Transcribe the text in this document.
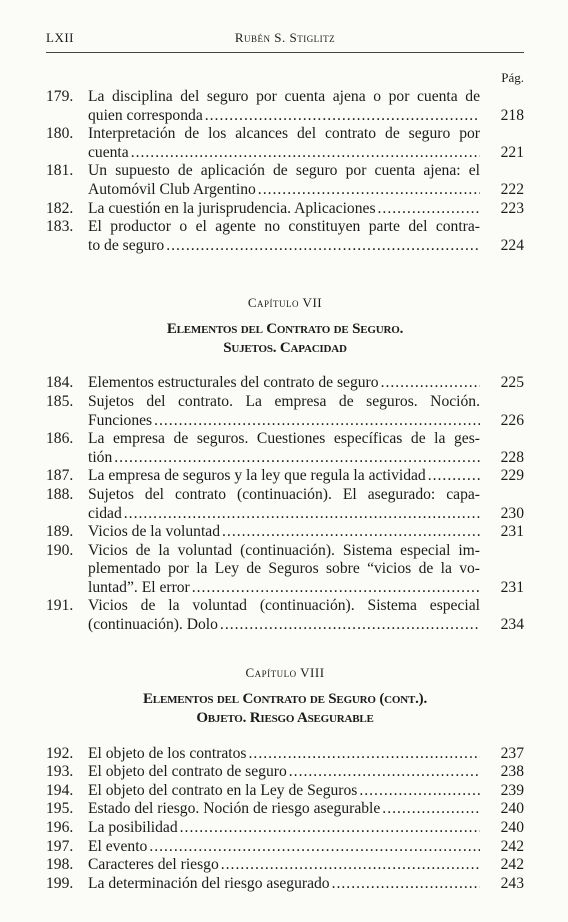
LXII	Rubén S. Stiglitz
Pág.
179. La disciplina del seguro por cuenta ajena o por cuenta de
quien corresponda .....	218
180. Interpretación de los alcances del contrato de seguro por
cuenta .....	221
181. Un supuesto de aplicación de seguro por cuenta ajena: el
Automóvil Club Argentino .....	222
182. La cuestión en la jurisprudencia. Aplicaciones .....	223
183. El productor o el agente no constituyen parte del contra-
to de seguro .....	224
Capítulo VII
Elementos del Contrato de Seguro.
Sujetos. Capacidad
184. Elementos estructurales del contrato de seguro .....	225
185. Sujetos del contrato. La empresa de seguros. Noción.
Funciones .....	226
186. La empresa de seguros. Cuestiones específicas de la ges-
tión .....	228
187. La empresa de seguros y la ley que regula la actividad .....	229
188. Sujetos del contrato (continuación). El asegurado: capa-
cidad .....	230
189. Vicios de la voluntad .....	231
190. Vicios de la voluntad (continuación). Sistema especial im-
plementado por la Ley de Seguros sobre “vicios de la vo-
luntad”. El error .....	231
191. Vicios de la voluntad (continuación). Sistema especial
(continuación). Dolo .....	234
Capítulo VIII
Elementos del Contrato de Seguro (cont.).
Objeto. Riesgo Asegurable
192. El objeto de los contratos .....	237
193. El objeto del contrato de seguro .....	238
194. El objeto del contrato en la Ley de Seguros .....	239
195. Estado del riesgo. Noción de riesgo asegurable .....	240
196. La posibilidad .....	240
197. El evento .....	242
198. Caracteres del riesgo .....	242
199. La determinación del riesgo asegurado .....	243
